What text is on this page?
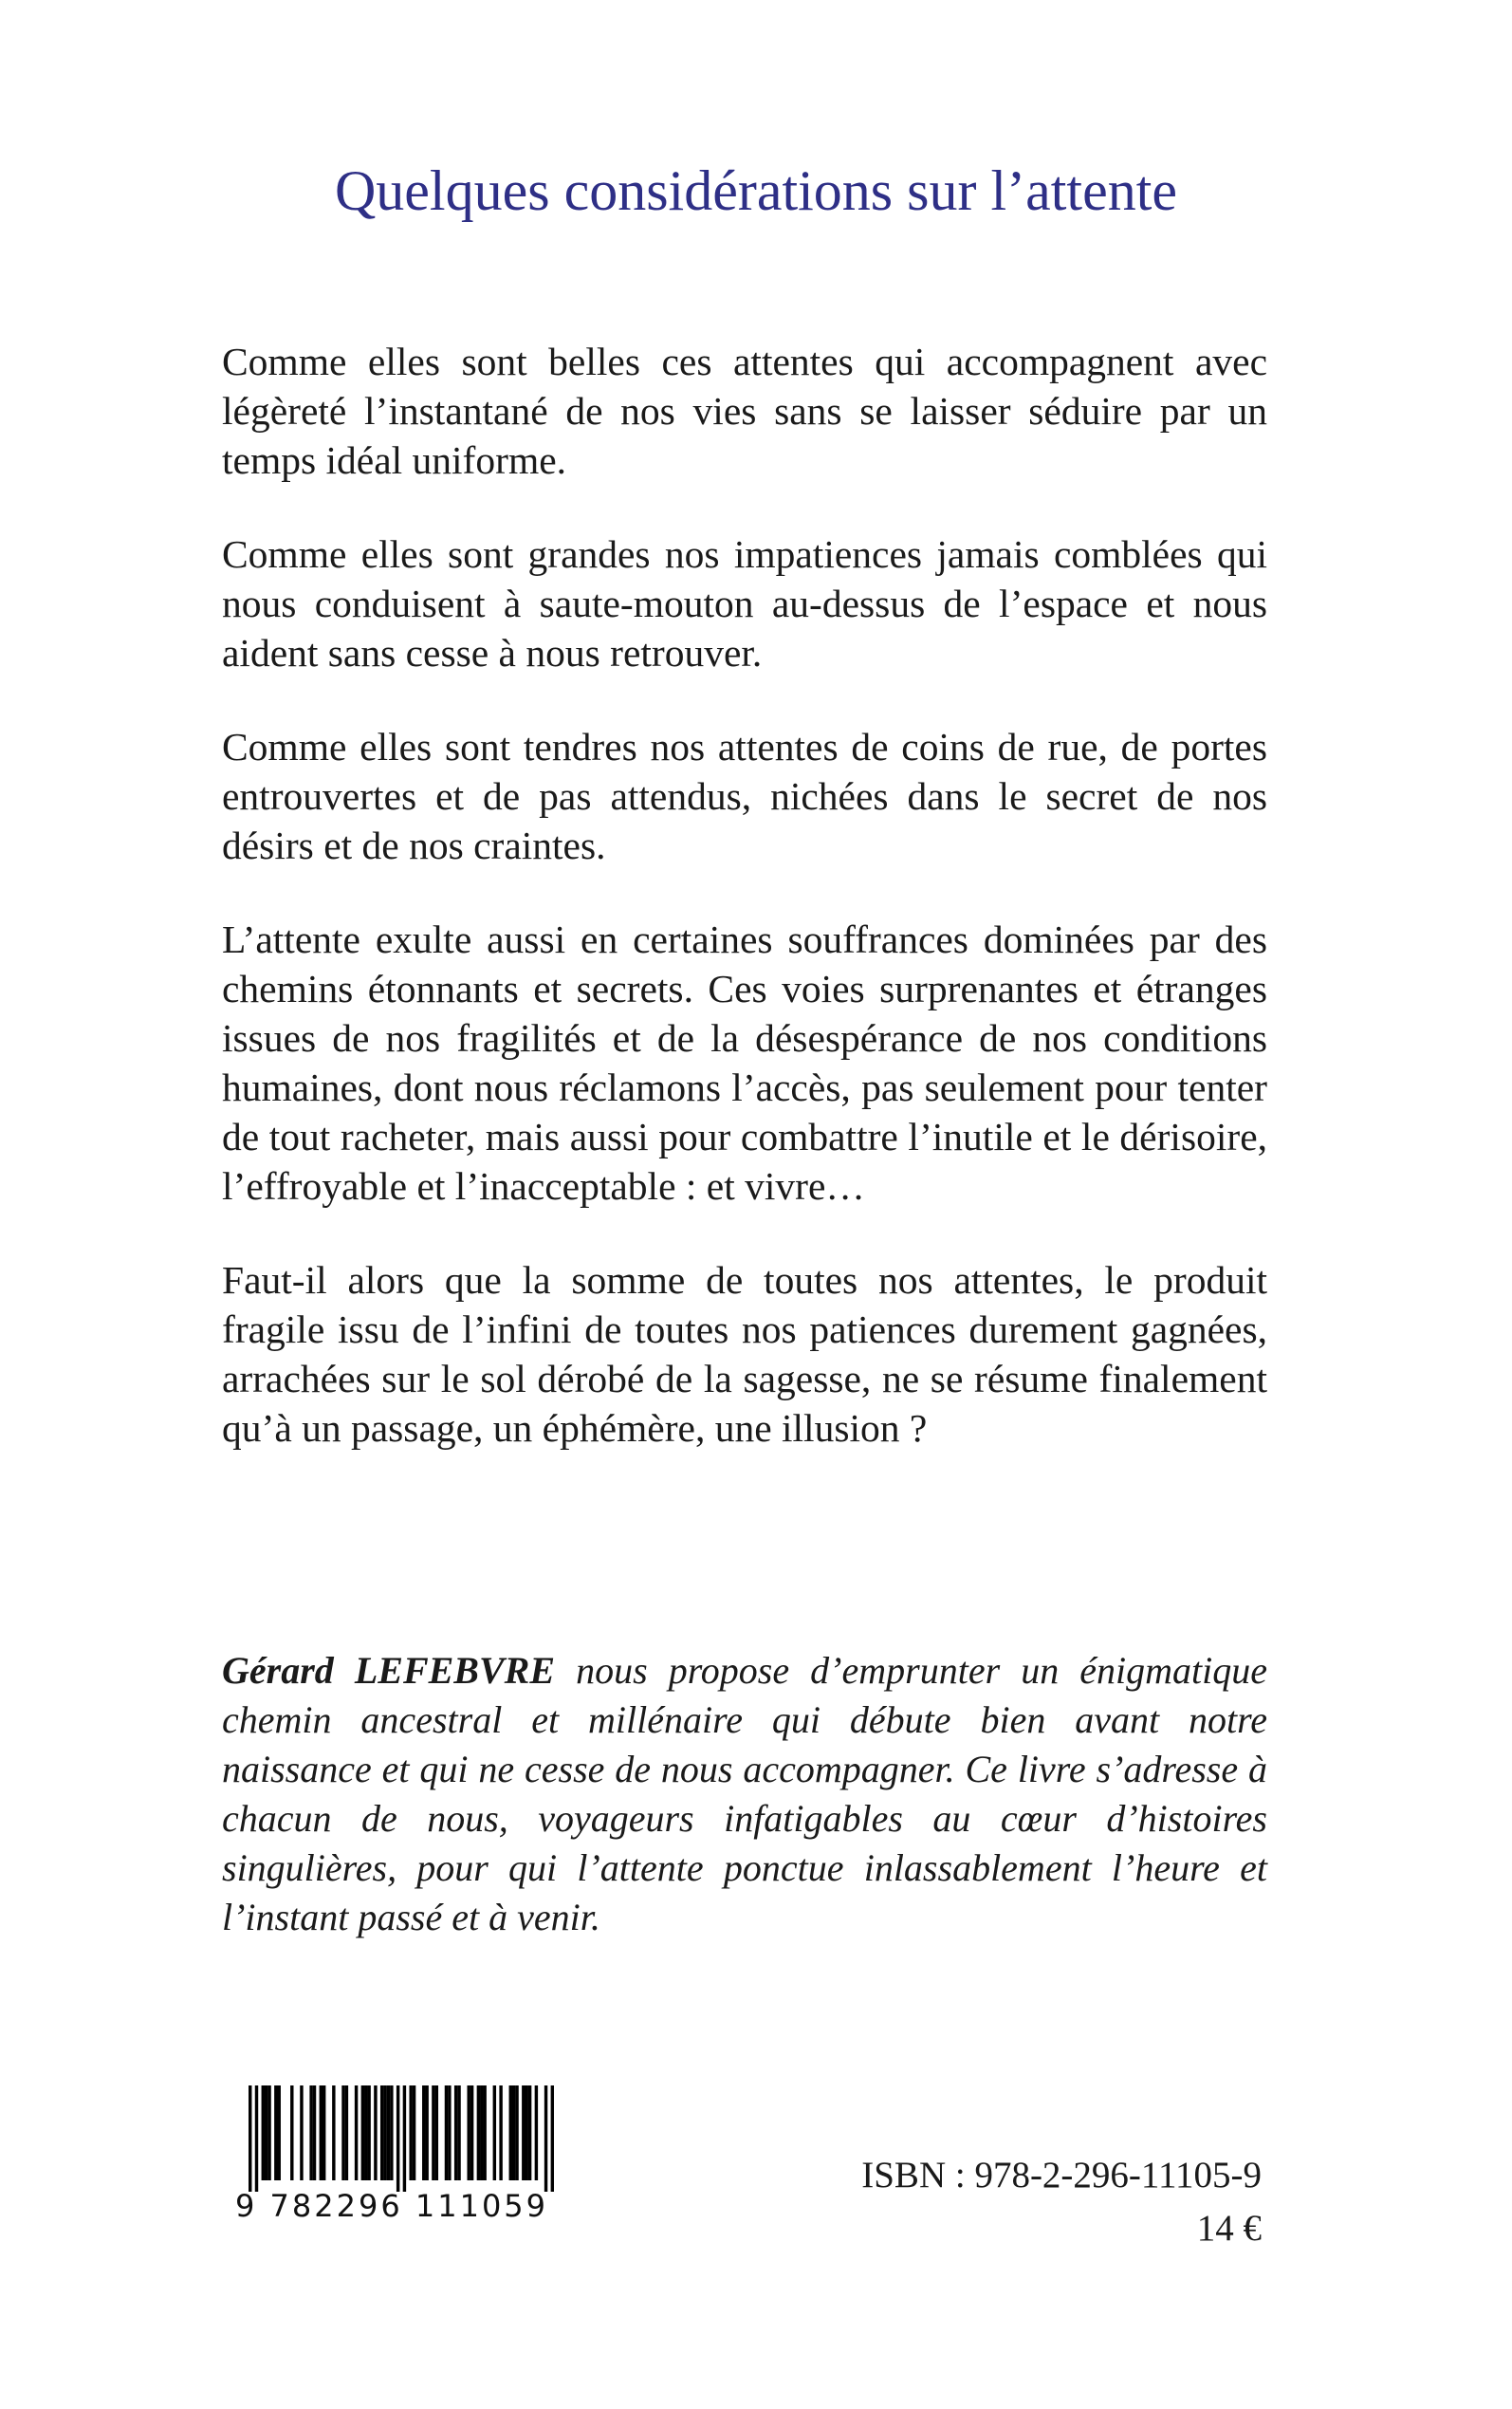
Quelques considérations sur l’attente

Comme elles sont belles ces attentes qui accompagnent avec légèreté l’instantané de nos vies sans se laisser séduire par un temps idéal uniforme.

Comme elles sont grandes nos impatiences jamais comblées qui nous conduisent à saute-mouton au-dessus de l’espace et nous aident sans cesse à nous retrouver.

Comme elles sont tendres nos attentes de coins de rue, de portes entrouvertes et de pas attendus, nichées dans le secret de nos désirs et de nos craintes.

L’attente exulte aussi en certaines souffrances dominées par des chemins étonnants et secrets. Ces voies surprenantes et étranges issues de nos fragilités et de la désespérance de nos conditions humaines, dont nous réclamons l’accès, pas seulement pour tenter de tout racheter, mais aussi pour combattre l’inutile et le dérisoire, l’effroyable et l’inacceptable : et vivre…

Faut-il alors que la somme de toutes nos attentes, le produit fragile issu de l’infini de toutes nos patiences durement gagnées, arrachées sur le sol dérobé de la sagesse, ne se résume finalement qu’à un passage, un éphémère, une illusion ?

Gérard LEFEBVRE nous propose d’emprunter un énigmatique chemin ancestral et millénaire qui débute bien avant notre naissance et qui ne cesse de nous accompagner. Ce livre s’adresse à chacun de nous, voyageurs infatigables au cœur d’histoires singulières, pour qui l’attente ponctue inlassablement l’heure et l’instant passé et à venir.

9 782296 111059

ISBN : 978-2-296-11105-9

14 €
